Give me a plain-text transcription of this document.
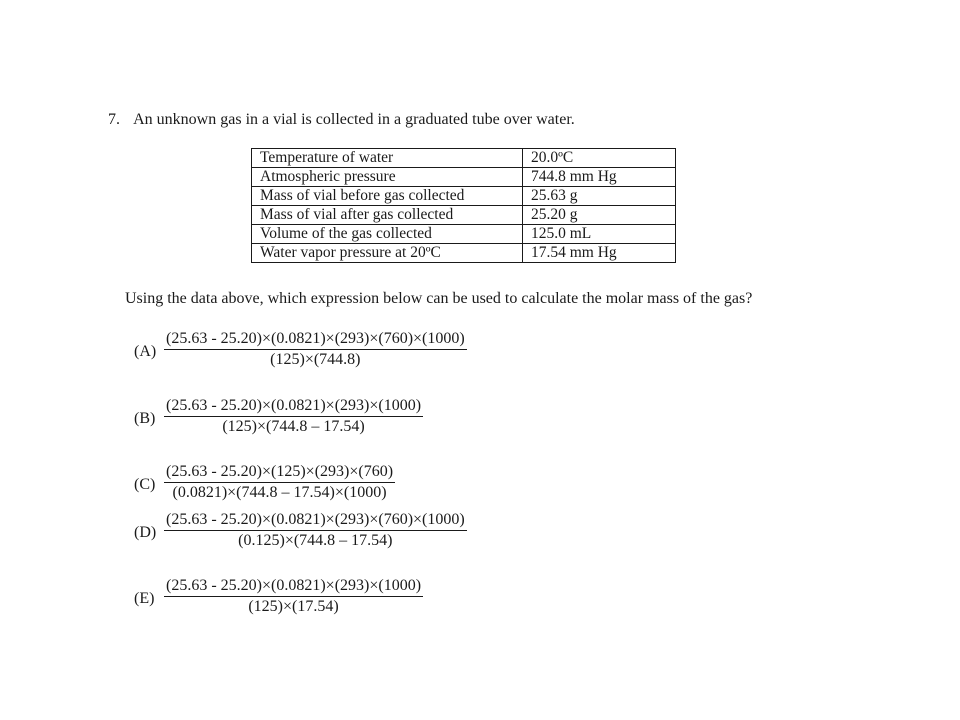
7. An unknown gas in a vial is collected in a graduated tube over water.
Temperature of water	20.0ºC
Atmospheric pressure	744.8 mm Hg
Mass of vial before gas collected	25.63 g
Mass of vial after gas collected	25.20 g
Volume of the gas collected	125.0 mL
Water vapor pressure at 20ºC	17.54 mm Hg
Using the data above, which expression below can be used to calculate the molar mass of the gas?
$(A) \frac{(25.63 - 25.20)\times(0.0821)\times(293)\times(760)\times(1000)}{(125)\times(744.8)}$
$(B) \frac{(25.63 - 25.20)\times(0.0821)\times(293)\times(1000)}{(125)\times(744.8 - 17.54)}$
$(C) \frac{(25.63 - 25.20)\times(125)\times(293)\times(760)}{(0.0821)\times(744.8 - 17.54)\times(1000)}$
$(D) \frac{(25.63 - 25.20)\times(0.0821)\times(293)\times(760)\times(1000)}{(0.125)\times(744.8 - 17.54)}$
$(E) \frac{(25.63 - 25.20)\times(0.0821)\times(293)\times(1000)}{(125)\times(17.54)}$
